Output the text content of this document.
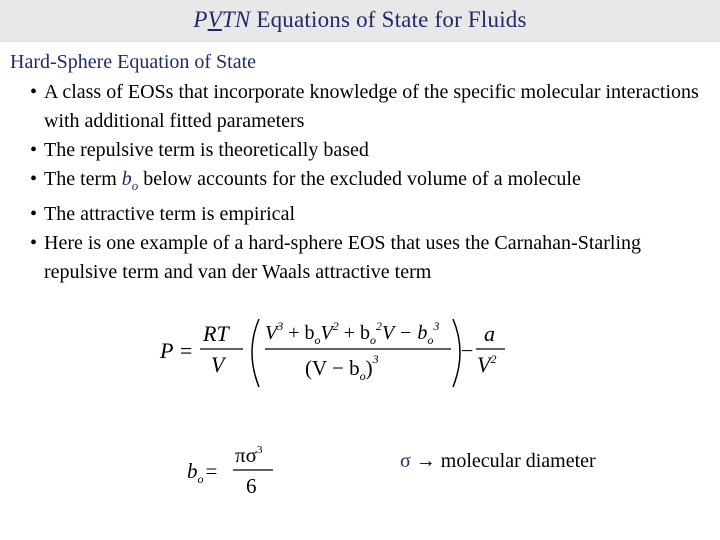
PVTN Equations of State for Fluids
Hard-Sphere Equation of State
• A class of EOSs that incorporate knowledge of the specific molecular interactions with additional fitted parameters
• The repulsive term is theoretically based
• The term $b_o$ below accounts for the excluded volume of a molecule
• The attractive term is empirical
• Here is one example of a hard-sphere EOS that uses the Carnahan-Starling repulsive term and van der Waals attractive term
P =
RT
V
$V^3 + b_oV^2 + b_o^2V - b_o^3$
$(V - b_o)^3$	−
a
$V^2$
$b_o=$
$\pi\sigma^3$
6
σ → molecular diameter
